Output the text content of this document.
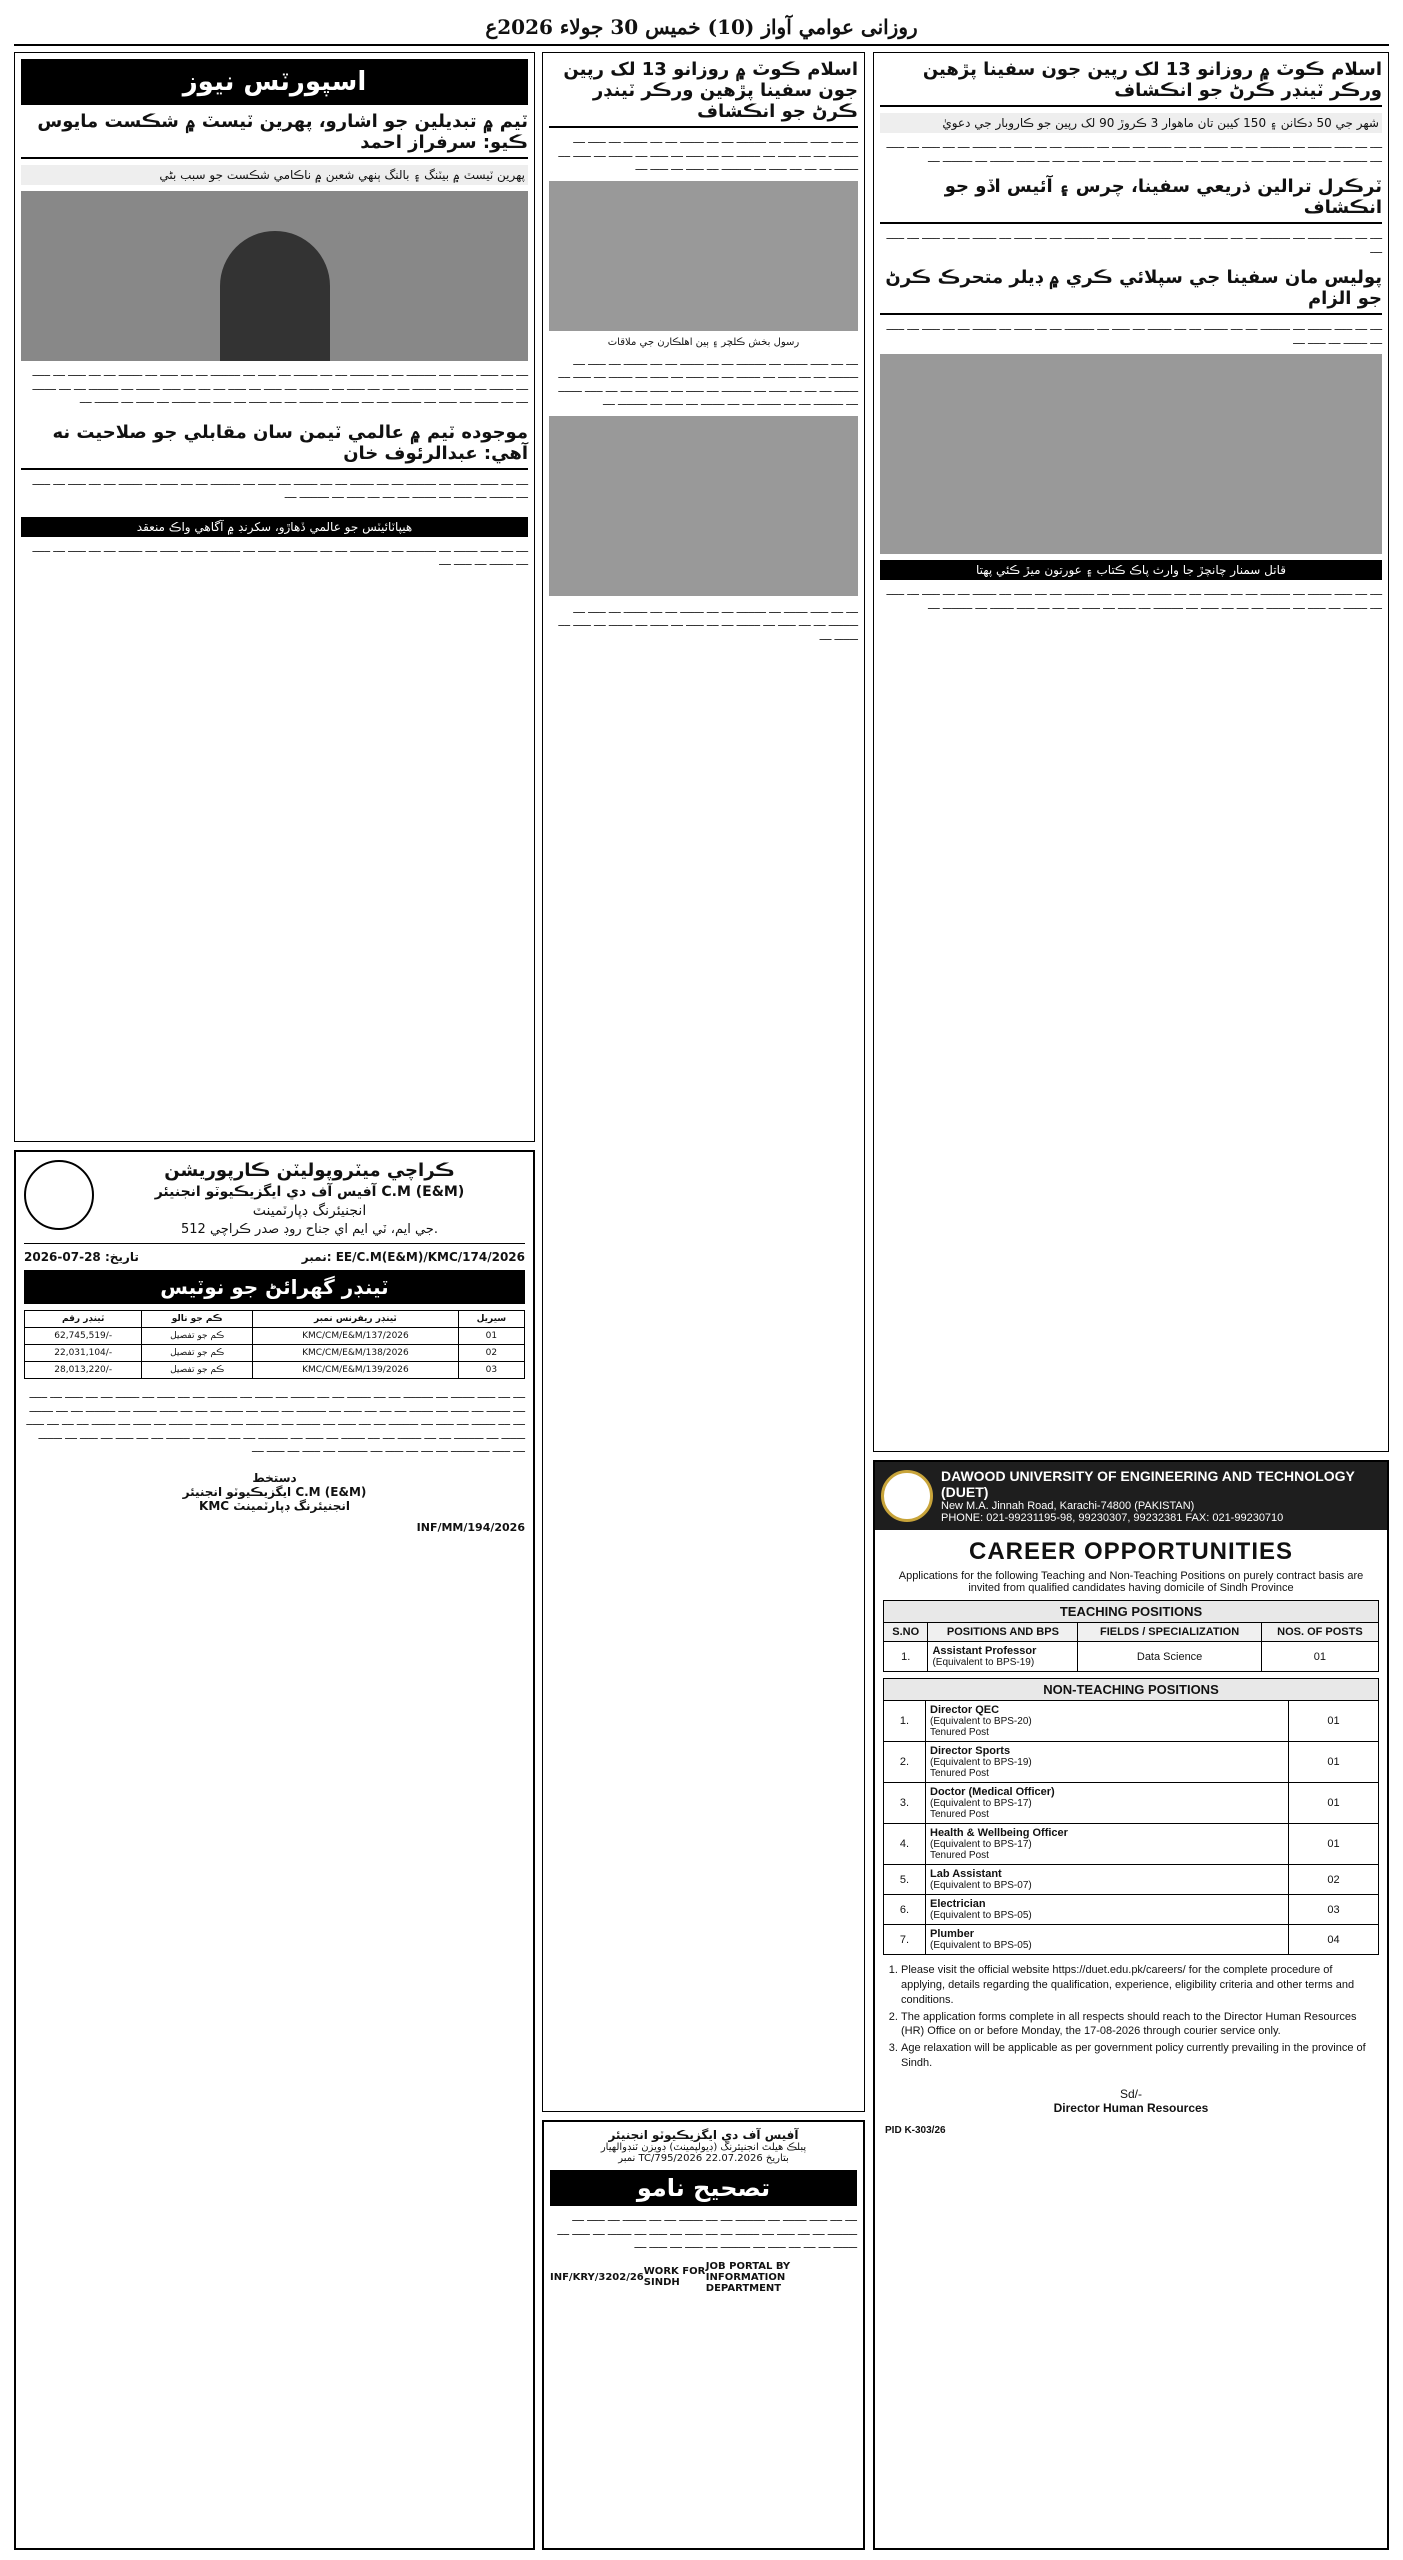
روزانی عوامي آواز (10) خميس 30 جولاء 2026ع
اسپورٽس نيوز
ٽيم ۾ تبديلين جو اشارو، پهرين ٽيسٽ ۾ شڪست مايوس ڪيو: سرفراز احمد
پهرين ٽيسٽ ۾ بيٽنگ ۽ بالنگ ٻنهي شعبن ۾ ناڪامي شڪست جو سبب بڻي
ــــ ــــ ــــــ ــــــــ ــــ ــــــــــ ــــ ــــ ــــــــ ــــ ــــ ــــــــ ــــ ــــــ ــــ ــــــــــ ــــ ــــ ــــــ ــــ ــــــــ ــــ ــــ ــــــ ــــ ــــــ ــــ ــــــــ ــــ ــــــ ــــ ــــــــ ــــ ــــ ــــ ــــــ ــــ ــــــــــ ــــ ــــــ ــــ ــــــ ــــ ــــ ــــ ــــــ ــــــــ ــــ ــــــــــ ــــ ــــ ــــــــ ــــ ــــ ــــــــ ــــ ــــــ ــــ ــــــــــ ــــ ــــ ــــــ ــــ ــــــــ ــــ ــــ ــــــ ــــ ــــــ ــــ ــــــــ ــــ ــــــ ــــ ــــــــ ــــ
موجوده ٽيم ۾ عالمي ٽيمن سان مقابلي جو صلاحيت نه آهي: عبدالرئوف خان
ــــ ــــ ــــــ ــــــــ ــــ ــــــــــ ــــ ــــ ــــــــ ــــ ــــ ــــــــ ــــ ــــــ ــــ ــــــــــ ــــ ــــ ــــــ ــــ ــــــــ ــــ ــــ ــــــ ــــ ــــــ ــــ ــــــــ ــــ ــــــ ــــ ــــــــ ــــ ــــ ــــ ــــــ ــــ ــــــــــ ــــ
هيپاٽائيٽس جو عالمي ڏهاڙو، سکرنڊ ۾ آگاهي واڪ منعقد
ــــ ــــ ــــــ ــــــــ ــــ ــــــــــ ــــ ــــ ــــــــ ــــ ــــ ــــــــ ــــ ــــــ ــــ ــــــــــ ــــ ــــ ــــــ ــــ ــــــــ ــــ ــــ ــــــ ــــ ــــــ ــــ ــــــــ ــــ ــــــ ــــ
ڪراچي ميٽروپوليٽن ڪارپوريشن
آفيس آف دي ايگزيڪيوٽو انجنيئر C.M (E&M)
انجنيئرنگ ڊپارٽمينٽ
512 جي ايم، ٽي ايم اي جناح روڊ صدر ڪراچي.
تاريخ: 28-07-2026	نمبر: EE/C.M(E&M)/KMC/174/2026
ٽينڊر گهرائڻ جو نوٽيس
ٽينڊر رقم	ڪم جو نالو	ٽينڊر ريفرنس نمبر	سيريل
62,745,519/-	ڪم جو تفصيل	KMC/CM/E&M/137/2026	01
22,031,104/-	ڪم جو تفصيل	KMC/CM/E&M/138/2026	02
28,013,220/-	ڪم جو تفصيل	KMC/CM/E&M/139/2026	03
ــــ ــــ ــــــ ــــــــ ــــ ــــــــــ ــــ ــــ ــــــــ ــــ ــــ ــــــــ ــــ ــــــ ــــ ــــــــــ ــــ ــــ ــــــ ــــ ــــــــ ــــ ــــ ــــــ ــــ ــــــ ــــ ــــــــ ــــ ــــــ ــــ ــــــــ ــــ ــــ ــــ ــــــ ــــ ــــــــــ ــــ ــــــ ــــ ــــــ ــــ ــــ ــــ ــــــ ــــــــ ــــ ــــــــــ ــــ ــــ ــــــــ ــــ ــــ ــــــــ ــــ ــــــ ــــ ــــــــــ ــــ ــــ ــــــ ــــ ــــــــ ــــ ــــ ــــــ ــــ ــــــ ــــ ــــــــ ــــ ــــــ ــــ ــــــــ ــــ ــــ ــــ ــــــ ــــــــ ــــ ــــــــــ ــــ ــــ ــــــــ ــــ ــــ ــــــــ ــــ ــــــ ــــ ــــــــــ ــــ ــــ ــــــ ــــ ــــــــ ــــ ــــ ــــــ ــــ ــــــ ــــ ــــــــ ــــ ــــــ ــــ ــــــــ ــــ ــــ ــــ ــــــ ــــ ــــــــــ ــــ ــــــ ــــ ــــــ ــــ
دستخط
ايگزيڪيوٽو انجنيئر C.M (E&M)
KMC انجنيئرنگ ڊپارٽمينٽ
INF/MM/194/2026
اسلام ڪوٽ ۾ روزانو 13 لک رپين جون سفينا پڙهين ورڪر ٽينڊر ڪرڻ جو انڪشاف
ــــ ــــ ــــــ ــــــــ ــــ ــــــــــ ــــ ــــ ــــــــ ــــ ــــ ــــــــ ــــ ــــــ ــــ ــــــــــ ــــ ــــ ــــــ ــــ ــــــــ ــــ ــــ ــــــ ــــ ــــــ ــــ ــــــــ ــــ ــــــ ــــ ــــــــ ــــ ــــ ــــ ــــــ ــــ ــــــــــ ــــ ــــــ ــــ ــــــ ــــ
رسول بخش ڪلچر ۽ ٻين اهلڪارن جي ملاقات
ــــ ــــ ــــــ ــــــــ ــــ ــــــــــ ــــ ــــ ــــــــ ــــ ــــ ــــــــ ــــ ــــــ ــــ ــــــــــ ــــ ــــ ــــــ ــــ ــــــــ ــــ ــــ ــــــ ــــ ــــــ ــــ ــــــــ ــــ ــــــ ــــ ــــــــ ــــ ــــ ــــ ــــــ ــــ ــــــــــ ــــ ــــــ ــــ ــــــ ــــ ــــ ــــ ــــــ ــــــــ ــــ ــــــــــ ــــ ــــ ــــــــ ــــ ــــ ــــــــ ــــ ــــــ ــــ ــــــــــ ــــ
ــــ ــــ ــــــ ــــــــ ــــ ــــــــــ ــــ ــــ ــــــــ ــــ ــــ ــــــــ ــــ ــــــ ــــ ــــــــــ ــــ ــــ ــــــ ــــ ــــــــ ــــ ــــ ــــــ ــــ ــــــ ــــ ــــــــ ــــ ــــــ ــــ ــــــــ ــــ
آفيس آف دي ايگزيڪيوٽو انجنيئر
پبلڪ هيلٿ انجنيئرنگ (ڊيولپمينٽ) ڊويزن ٽنڊوالهيار
نمبر TC/795/2026 بتاريخ 22.07.2026
تصحيح نامو
ــــ ــــ ــــــ ــــــــ ــــ ــــــــــ ــــ ــــ ــــــــ ــــ ــــ ــــــــ ــــ ــــــ ــــ ــــــــــ ــــ ــــ ــــــ ــــ ــــــــ ــــ ــــ ــــــ ــــ ــــــ ــــ ــــــــ ــــ ــــــ ــــ ــــــــ ــــ ــــ ــــ ــــــ ــــ ــــــــــ ــــ ــــــ ــــ ــــــ ــــ
INF/KRY/3202/26 WORK FOR SINDH
JOB PORTAL BY INFORMATION DEPARTMENT
اسلام ڪوٽ ۾ روزانو 13 لک رپين جون سفينا پڙهين ورڪر ٽينڊر ڪرڻ جو انڪشاف
شهر جي 50 دڪانن ۽ 150 کيبن تان ماهوار 3 ڪروڙ 90 لک رپين جو ڪاروبار جي دعويٰ
ــــ ــــ ــــــ ــــــــ ــــ ــــــــــ ــــ ــــ ــــــــ ــــ ــــ ــــــــ ــــ ــــــ ــــ ــــــــــ ــــ ــــ ــــــ ــــ ــــــــ ــــ ــــ ــــــ ــــ ــــــ ــــ ــــــــ ــــ ــــــ ــــ ــــــــ ــــ ــــ ــــ ــــــ ــــ ــــــــــ ــــ ــــــ ــــ ــــــ ــــ ــــ ــــ ــــــ ــــــــ ــــ ــــــــــ ــــ
ٽرڪرل ترالين ذريعي سفينا، چرس ۽ آئيس اڏو جو انڪشاف
ــــ ــــ ــــــ ــــــــ ــــ ــــــــــ ــــ ــــ ــــــــ ــــ ــــ ــــــــ ــــ ــــــ ــــ ــــــــــ ــــ ــــ ــــــ ــــ ــــــــ ــــ ــــ ــــــ ــــ ــــــ ــــ
پوليس مان سفينا جي سپلائي ڪري ۾ ڊيلر متحرڪ ڪرڻ جو الزام
ــــ ــــ ــــــ ــــــــ ــــ ــــــــــ ــــ ــــ ــــــــ ــــ ــــ ــــــــ ــــ ــــــ ــــ ــــــــــ ــــ ــــ ــــــ ــــ ــــــــ ــــ ــــ ــــــ ــــ ــــــ ــــ ــــــــ ــــ ــــــ ــــ
قاتل سمنار چانچڙ جا وارث پاڪ ڪتاب ۽ عورتون ميڙ ڪئي پهتا
ــــ ــــ ــــــ ــــــــ ــــ ــــــــــ ــــ ــــ ــــــــ ــــ ــــ ــــــــ ــــ ــــــ ــــ ــــــــــ ــــ ــــ ــــــ ــــ ــــــــ ــــ ــــ ــــــ ــــ ــــــ ــــ ــــــــ ــــ ــــــ ــــ ــــــــ ــــ ــــ ــــ ــــــ ــــ ــــــــــ ــــ ــــــ ــــ ــــــ ــــ ــــ ــــ ــــــ ــــــــ ــــ ــــــــــ ــــ
DAWOOD UNIVERSITY OF ENGINEERING AND TECHNOLOGY (DUET)
New M.A. Jinnah Road, Karachi-74800 (PAKISTAN)
PHONE: 021-99231195-98, 99230307, 99232381 FAX: 021-99230710
CAREER OPPORTUNITIES
Applications for the following Teaching and Non-Teaching Positions on purely contract basis are invited from qualified candidates having domicile of Sindh Province
TEACHING POSITIONS
S.NO	POSITIONS AND BPS	FIELDS / SPECIALIZATION	NOS. OF POSTS
1.	Assistant Professor
(Equivalent to BPS-19)	Data Science	01
NON-TEACHING POSITIONS
1.	Director QEC
(Equivalent to BPS-20)
Tenured Post	01
2.	Director Sports
(Equivalent to BPS-19)
Tenured Post	01
3.	Doctor (Medical Officer)
(Equivalent to BPS-17)
Tenured Post	01
4.	Health & Wellbeing Officer
(Equivalent to BPS-17)
Tenured Post	01
5.	Lab Assistant
(Equivalent to BPS-07)	02
6.	Electrician
(Equivalent to BPS-05)	03
7.	Plumber
(Equivalent to BPS-05)	04
1. Please visit the official website https://duet.edu.pk/careers/ for the complete procedure of applying, details regarding the qualification, experience, eligibility criteria and other terms and conditions.
2. The application forms complete in all respects should reach to the Director Human Resources (HR) Office on or before Monday, the 17-08-2026 through courier service only.
3. Age relaxation will be applicable as per government policy currently prevailing in the province of Sindh.
Sd/-
Director Human Resources
PID K-303/26
